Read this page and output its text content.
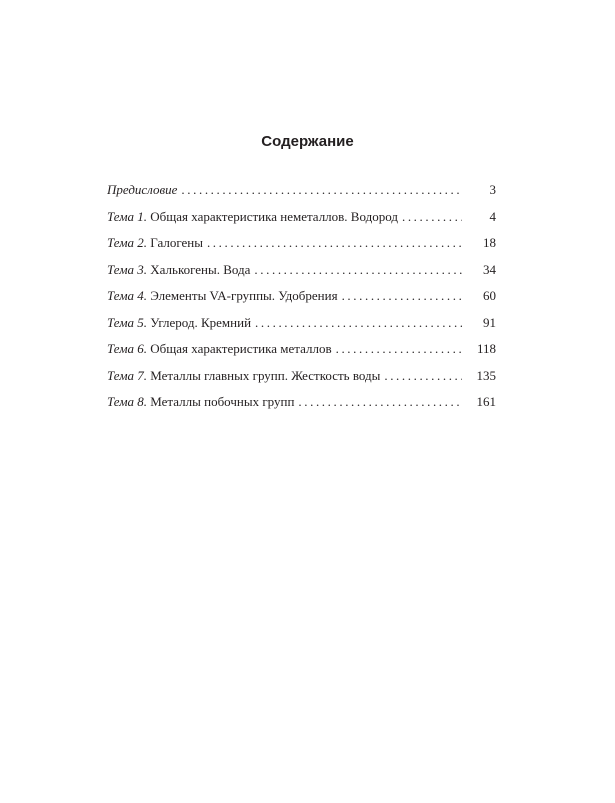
Содержание
Предисловие .....	3
Тема 1. Общая характеристика неметаллов. Водород .....	4
Тема 2. Галогены .....	18
Тема 3. Халькогены. Вода .....	34
Тема 4. Элементы VA-группы. Удобрения .....	60
Тема 5. Углерод. Кремний .....	91
Тема 6. Общая характеристика металлов .....	118
Тема 7. Металлы главных групп. Жесткость воды .....	135
Тема 8. Металлы побочных групп .....	161
